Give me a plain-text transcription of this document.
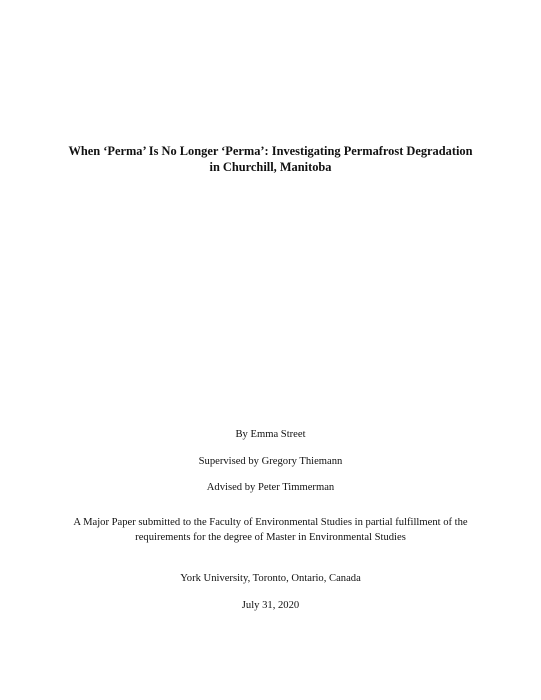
When ‘Perma’ Is No Longer ‘Perma’: Investigating Permafrost Degradation
in Churchill, Manitoba
By Emma Street
Supervised by Gregory Thiemann
Advised by Peter Timmerman
A Major Paper submitted to the Faculty of Environmental Studies in partial fulfillment of the
requirements for the degree of Master in Environmental Studies
York University, Toronto, Ontario, Canada
July 31, 2020
